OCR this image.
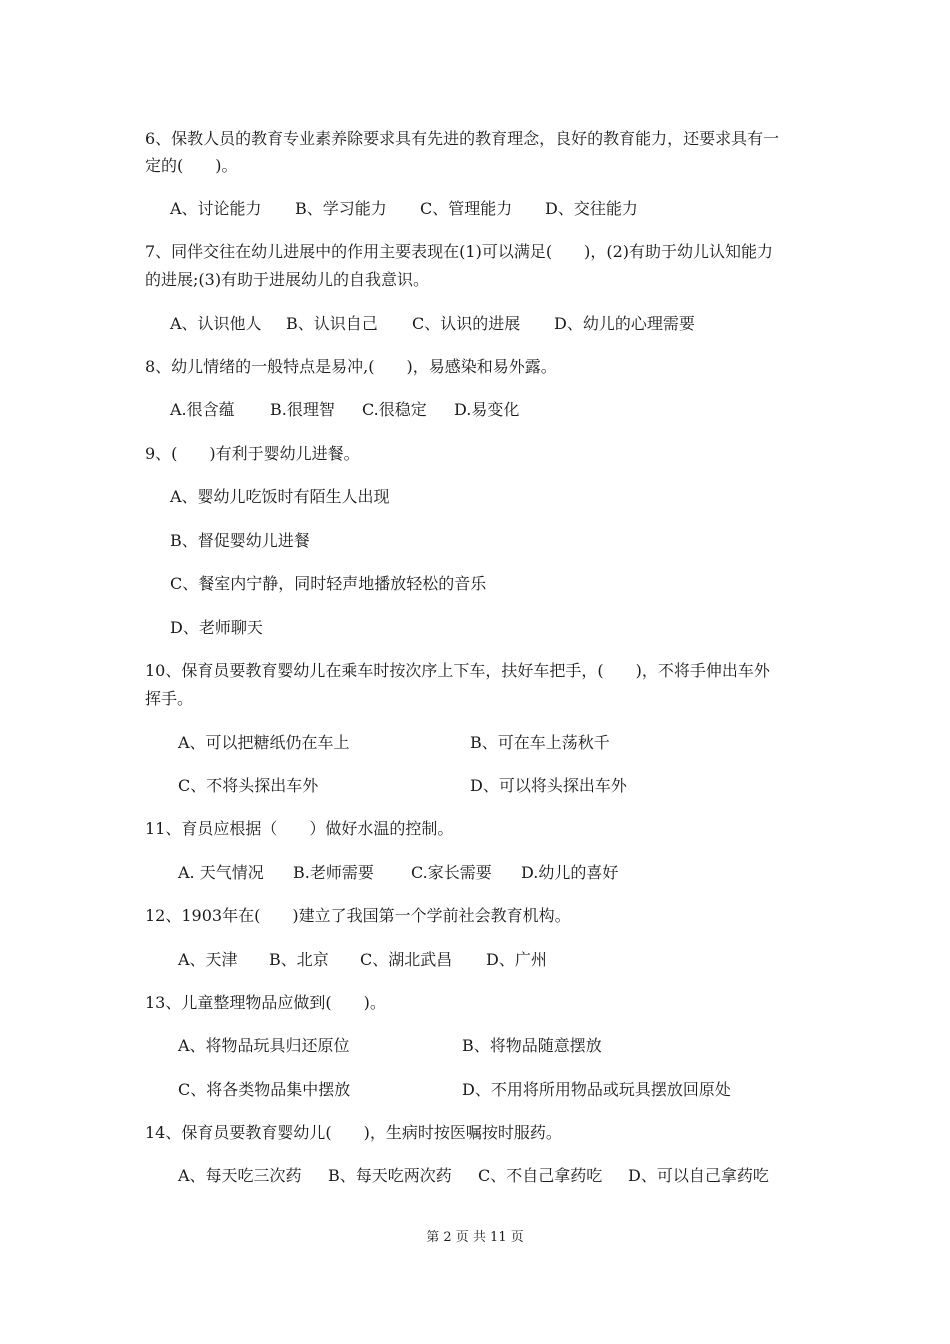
6、保教人员的教育专业素养除要求具有先进的教育理念，良好的教育能力，还要求具有一
定的(　　)。
A、讨论能力 B、学习能力 C、管理能力 D、交往能力
7、同伴交往在幼儿进展中的作用主要表现在(1)可以满足(　　)，(2)有助于幼儿认知能力
的进展;(3)有助于进展幼儿的自我意识。
A、认识他人 B、认识自己 C、认识的进展 D、幼儿的心理需要
8、幼儿情绪的一般特点是易冲,(　　)，易感染和易外露。
A.很含蕴 B.很理智 C.很稳定 D.易变化
9、(　　)有利于婴幼儿进餐。
A、婴幼儿吃饭时有陌生人出现
B、督促婴幼儿进餐
C、餐室内宁静，同时轻声地播放轻松的音乐
D、老师聊天
10、保育员要教育婴幼儿在乘车时按次序上下车，扶好车把手，(　　)，不将手伸出车外
挥手。
A、可以把糖纸仍在车上	B、可在车上荡秋千
C、不将头探出车外	D、可以将头探出车外
11、育员应根据（　　）做好水温的控制。
A. 天气情况 B.老师需要 C.家长需要 D.幼儿的喜好
12、1903年在(　　)建立了我国第一个学前社会教育机构。
A、天津 B、北京 C、湖北武昌 D、广州
13、儿童整理物品应做到(　　)。
A、将物品玩具归还原位	B、将物品随意摆放
C、将各类物品集中摆放	D、不用将所用物品或玩具摆放回原处
14、保育员要教育婴幼儿(　　)，生病时按医嘱按时服药。
A、每天吃三次药 B、每天吃两次药 C、不自己拿药吃 D、可以自己拿药吃
第 2 页 共 11 页
